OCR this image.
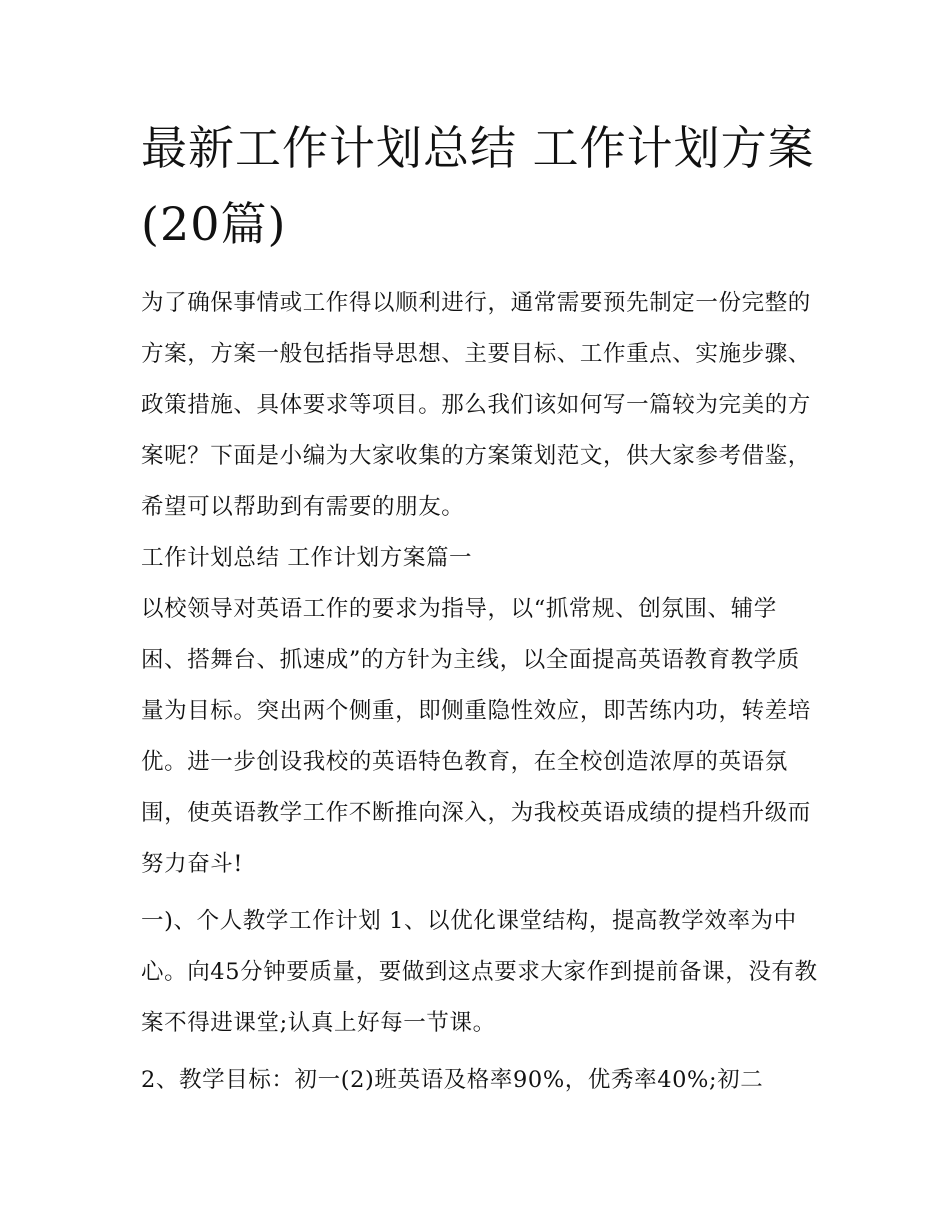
最新工作计划总结 工作计划方案(20篇)

为了确保事情或工作得以顺利进行，通常需要预先制定一份完整的方案，方案一般包括指导思想、主要目标、工作重点、实施步骤、政策措施、具体要求等项目。那么我们该如何写一篇较为完美的方案呢？下面是小编为大家收集的方案策划范文，供大家参考借鉴，希望可以帮助到有需要的朋友。

工作计划总结 工作计划方案篇一

以校领导对英语工作的要求为指导，以“抓常规、创氛围、辅学困、搭舞台、抓速成”的方针为主线，以全面提高英语教育教学质量为目标。突出两个侧重，即侧重隐性效应，即苦练内功，转差培优。进一步创设我校的英语特色教育，在全校创造浓厚的英语氛围，使英语教学工作不断推向深入，为我校英语成绩的提档升级而努力奋斗!

一)、个人教学工作计划 1、以优化课堂结构，提高教学效率为中心。向45分钟要质量，要做到这点要求大家作到提前备课，没有教案不得进课堂;认真上好每一节课。

2、教学目标：初一(2)班英语及格率90%，优秀率40%;初二
